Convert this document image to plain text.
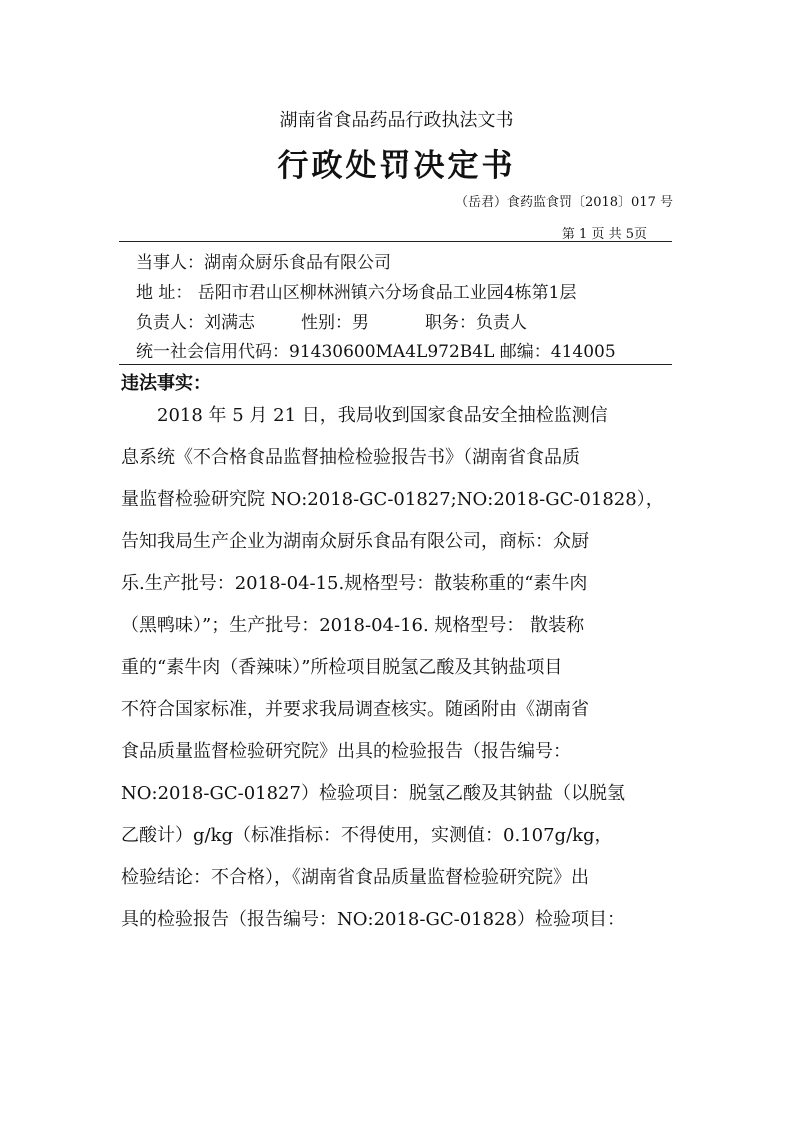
湖南省食品药品行政执法文书
行政处罚决定书
（岳君）食药监食罚〔2018〕017 号
第 1 页 共 5页
当事人：湖南众厨乐食品有限公司
地 址： 岳阳市君山区柳林洲镇六分场食品工业园4栋第1层
负责人：刘满志	性别：男	职务：负责人
统一社会信用代码：91430600MA4L972B4L 邮编：414005
违法事实：
2018 年 5 月 21 日，我局收到国家食品安全抽检监测信
息系统《不合格食品监督抽检检验报告书》（湖南省食品质
量监督检验研究院 NO:2018-GC-01827;NO:2018-GC-01828），
告知我局生产企业为湖南众厨乐食品有限公司，商标：众厨
乐.生产批号：2018-04-15.规格型号：散装称重的“素牛肉
（黑鸭味）”；生产批号：2018-04-16. 规格型号： 散装称
重的“素牛肉（香辣味）”所检项目脱氢乙酸及其钠盐项目
不符合国家标准，并要求我局调查核实。随函附由《湖南省
食品质量监督检验研究院》出具的检验报告（报告编号：
NO:2018-GC-01827）检验项目：脱氢乙酸及其钠盐（以脱氢
乙酸计）g/kg（标准指标：不得使用，实测值：0.107g/kg，
检验结论：不合格），《湖南省食品质量监督检验研究院》出
具的检验报告（报告编号：NO:2018-GC-01828）检验项目：
